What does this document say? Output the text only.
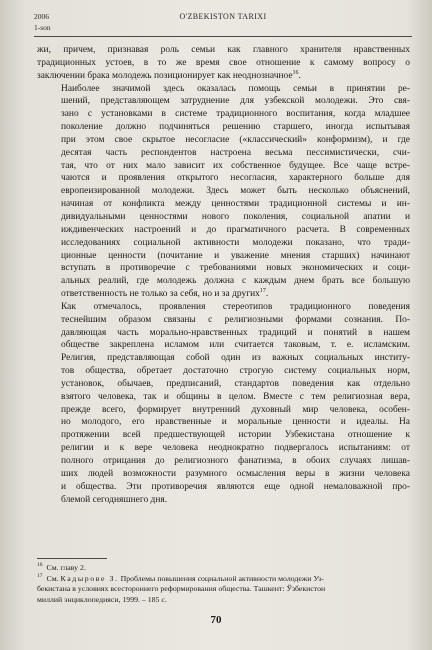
2006
1-son
O'ZBEKISTON TARIXI

жи, причем, признавая роль семьи как главного хранителя нравственных
традиционных устоев, в то же время свое отношение к самому вопросу о
заключении брака молодежь позиционирует как неоднозначное$^{16}$.

Наиболее значимой здесь оказалась помощь семьи в принятии ре-
шений, представляющем затруднение для узбекской молодежи. Это свя-
зано с установками в системе традиционного воспитания, когда младшее
поколение должно подчиняться решению старшего, иногда испытывая
при этом свое скрытое несогласие («классический» конформизм), и где
десятая часть респондентов настроена весьма пессимистически, счи-
тая, что от них мало зависит их собственное будущее. Все чаще встре-
чаются и проявления открытого несогласия, характерного больше для
европеизированной молодежи. Здесь может быть несколько объяснений,
начиная от конфликта между ценностями традиционной системы и ин-
дивидуальными ценностями нового поколения, социальной апатии и
иждивенческих настроений и до прагматичного расчета. В современных
исследованиях социальной активности молодежи показано, что тради-
ционные ценности (почитание и уважение мнения старших) начинают
вступать в противоречие с требованиями новых экономических и соци-
альных реалий, где молодежь должна с каждым днем брать все большую
ответственность не только за себя, но и за других$^{17}$.

Как отмечалось, проявления стереотипов традиционного поведения
теснейшим образом связаны с религиозными формами сознания. По-
давляющая часть морально-нравственных традиций и понятий в нашем
обществе закреплена исламом или считается таковым, т. е. исламским.
Религия, представляющая собой один из важных социальных институ-
тов общества, обретает достаточно строгую систему социальных норм,
установок, обычаев, предписаний, стандартов поведения как отдельно
взятого человека, так и общины в целом. Вместе с тем религиозная вера,
прежде всего, формирует внутренний духовный мир человека, особен-
но молодого, его нравственные и моральные ценности и идеалы. На
протяжении всей предшествующей истории Узбекистана отношение к
религии и к вере человека неоднократно подвергалось испытаниям: от
полного отрицания до религиозного фанатизма, в обоих случаях лишав-
ших людей возможности разумного осмысления веры в жизни человека
и общества. Эти противоречия являются еще одной немаловажной про-
блемой сегодняшнего дня.

$^{16}$ См. главу 2.
$^{17}$ См. Кадырове З. Проблемы повышения социальной активности молодежи Уз-
бекистана в условиях всестороннего реформирования общества. Ташкент: Ўзбекистон
миллий энциклопедияси, 1999. – 185 с.
70
